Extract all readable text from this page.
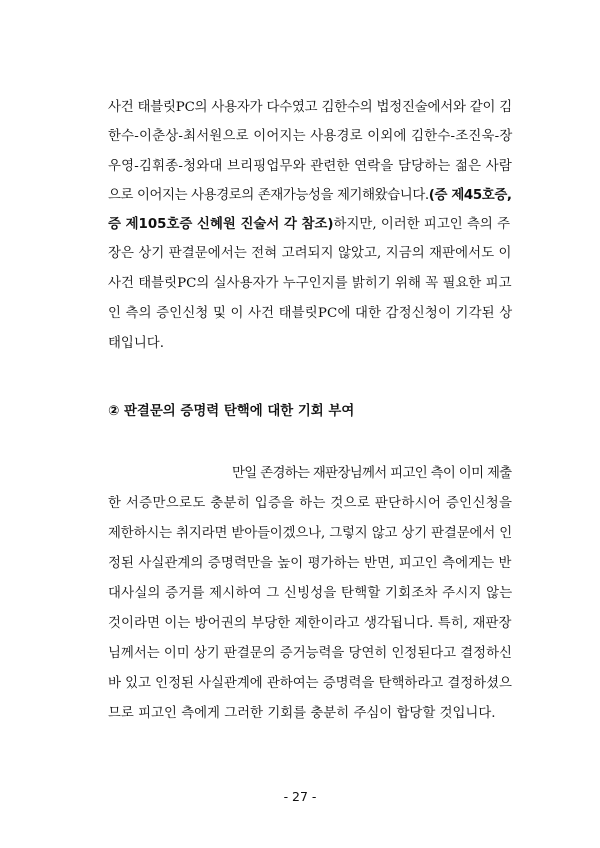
사건 태블릿PC의 사용자가 다수였고 김한수의 법정진술에서와 같이 김
한수-이춘상-최서원으로 이어지는 사용경로 이외에 김한수-조진욱-장
우영-김휘종-청와대 브리핑업무와 관련한 연락을 담당하는 젊은 사람
으로 이어지는 사용경로의 존재가능성을 제기해왔습니다. (증 제45호증,
증 제105호증 신혜원 진술서 각 참조) 하지만, 이러한 피고인 측의 주
장은 상기 판결문에서는 전혀 고려되지 않았고, 지금의 재판에서도 이
사건 태블릿PC의 실사용자가 누구인지를 밝히기 위해 꼭 필요한 피고
인 측의 증인신청 및 이 사건 태블릿PC에 대한 감정신청이 기각된 상
태입니다.
② 판결문의 증명력 탄핵에 대한 기회 부여
만일 존경하는 재판장님께서 피고인 측이 이미 제출
한 서증만으로도 충분히 입증을 하는 것으로 판단하시어 증인신청을
제한하시는 취지라면 받아들이겠으나, 그렇지 않고 상기 판결문에서 인
정된 사실관계의 증명력만을 높이 평가하는 반면, 피고인 측에게는 반
대사실의 증거를 제시하여 그 신빙성을 탄핵할 기회조차 주시지 않는
것이라면 이는 방어권의 부당한 제한이라고 생각됩니다. 특히, 재판장
님께서는 이미 상기 판결문의 증거능력을 당연히 인정된다고 결정하신
바 있고 인정된 사실관계에 관하여는 증명력을 탄핵하라고 결정하셨으
므로 피고인 측에게 그러한 기회를 충분히 주심이 합당할 것입니다.
- 27 -
